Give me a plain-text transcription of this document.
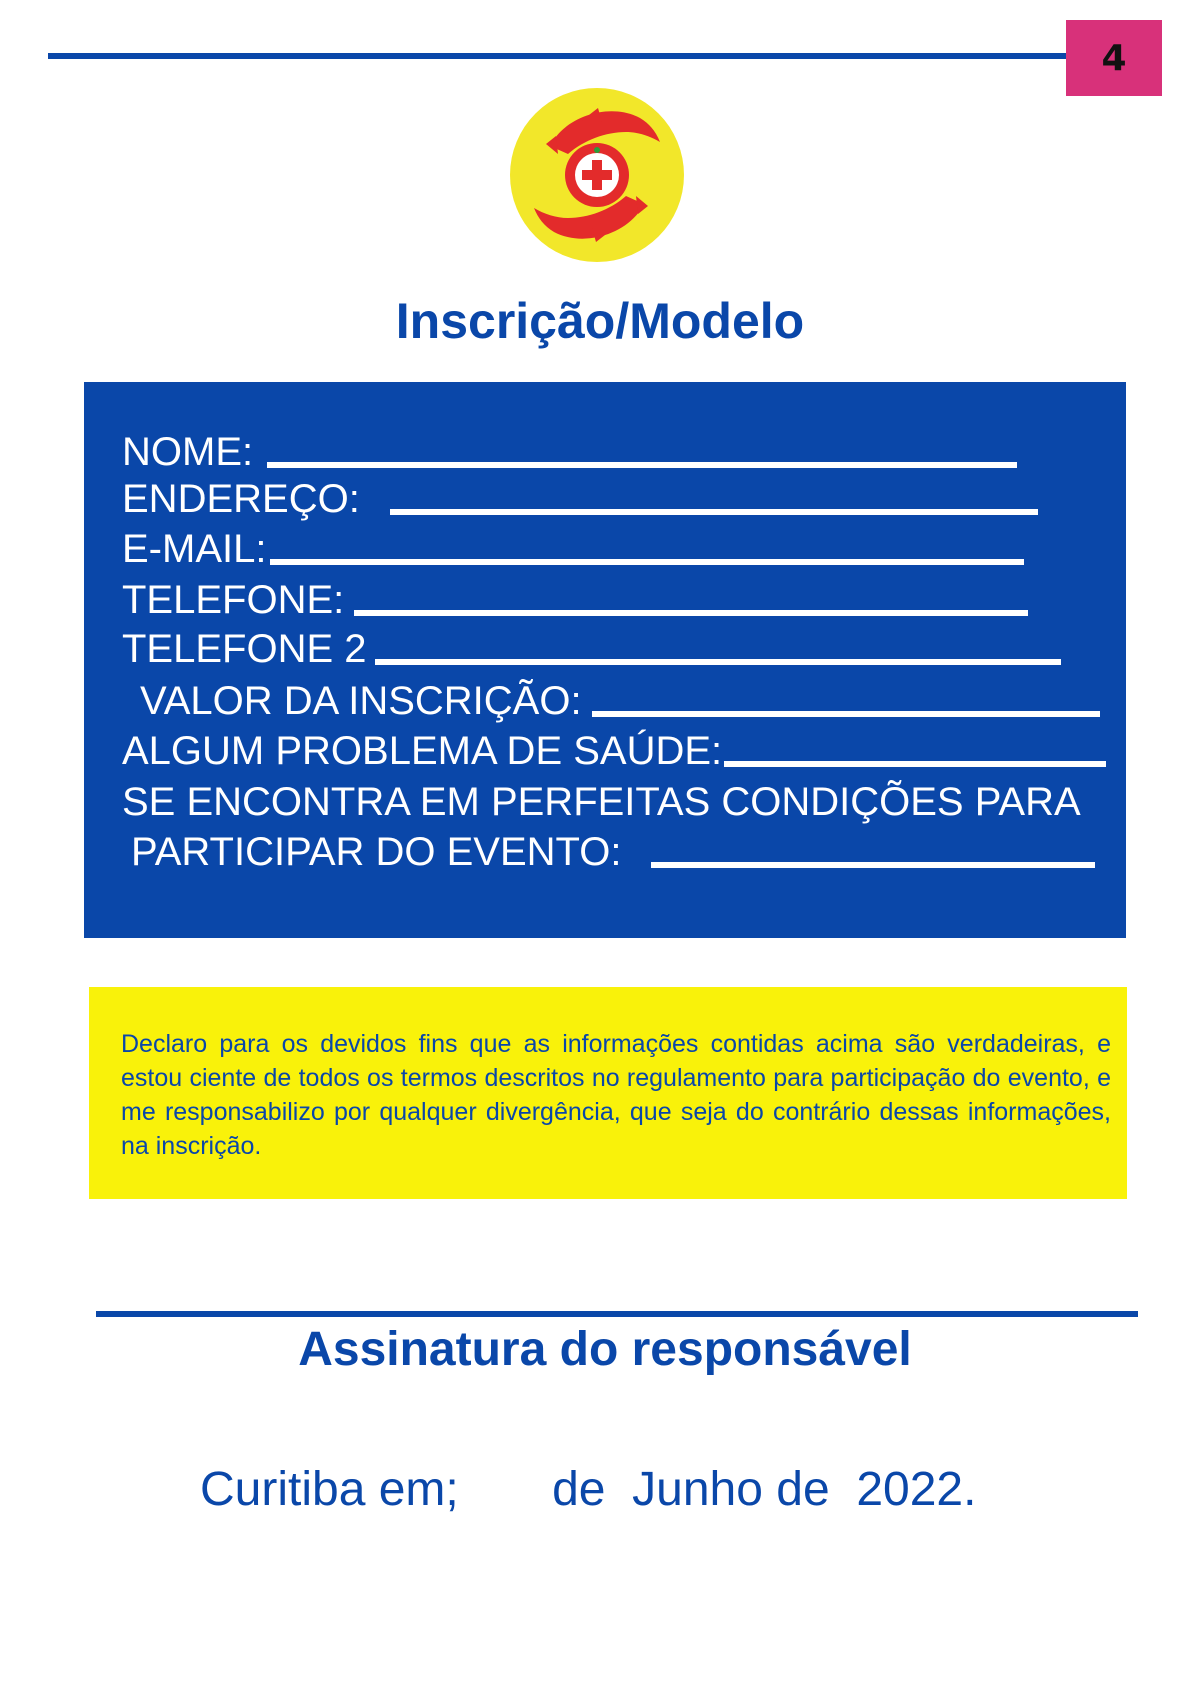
4
Inscrição/Modelo
NOME:
ENDEREÇO:
E-MAIL:
TELEFONE:
TELEFONE 2
VALOR DA INSCRIÇÃO:
ALGUM PROBLEMA DE SAÚDE:
SE ENCONTRA EM PERFEITAS CONDIÇÕES PARA
PARTICIPAR DO EVENTO:
Declaro para os devidos fins que as informações contidas acima são verdadeiras, e estou ciente de todos os termos descritos no regulamento para participação do evento, e me responsabilizo por qualquer divergência, que seja do contrário dessas informações, na inscrição.
Assinatura do responsável
Curitiba em;       de  Junho de  2022.
